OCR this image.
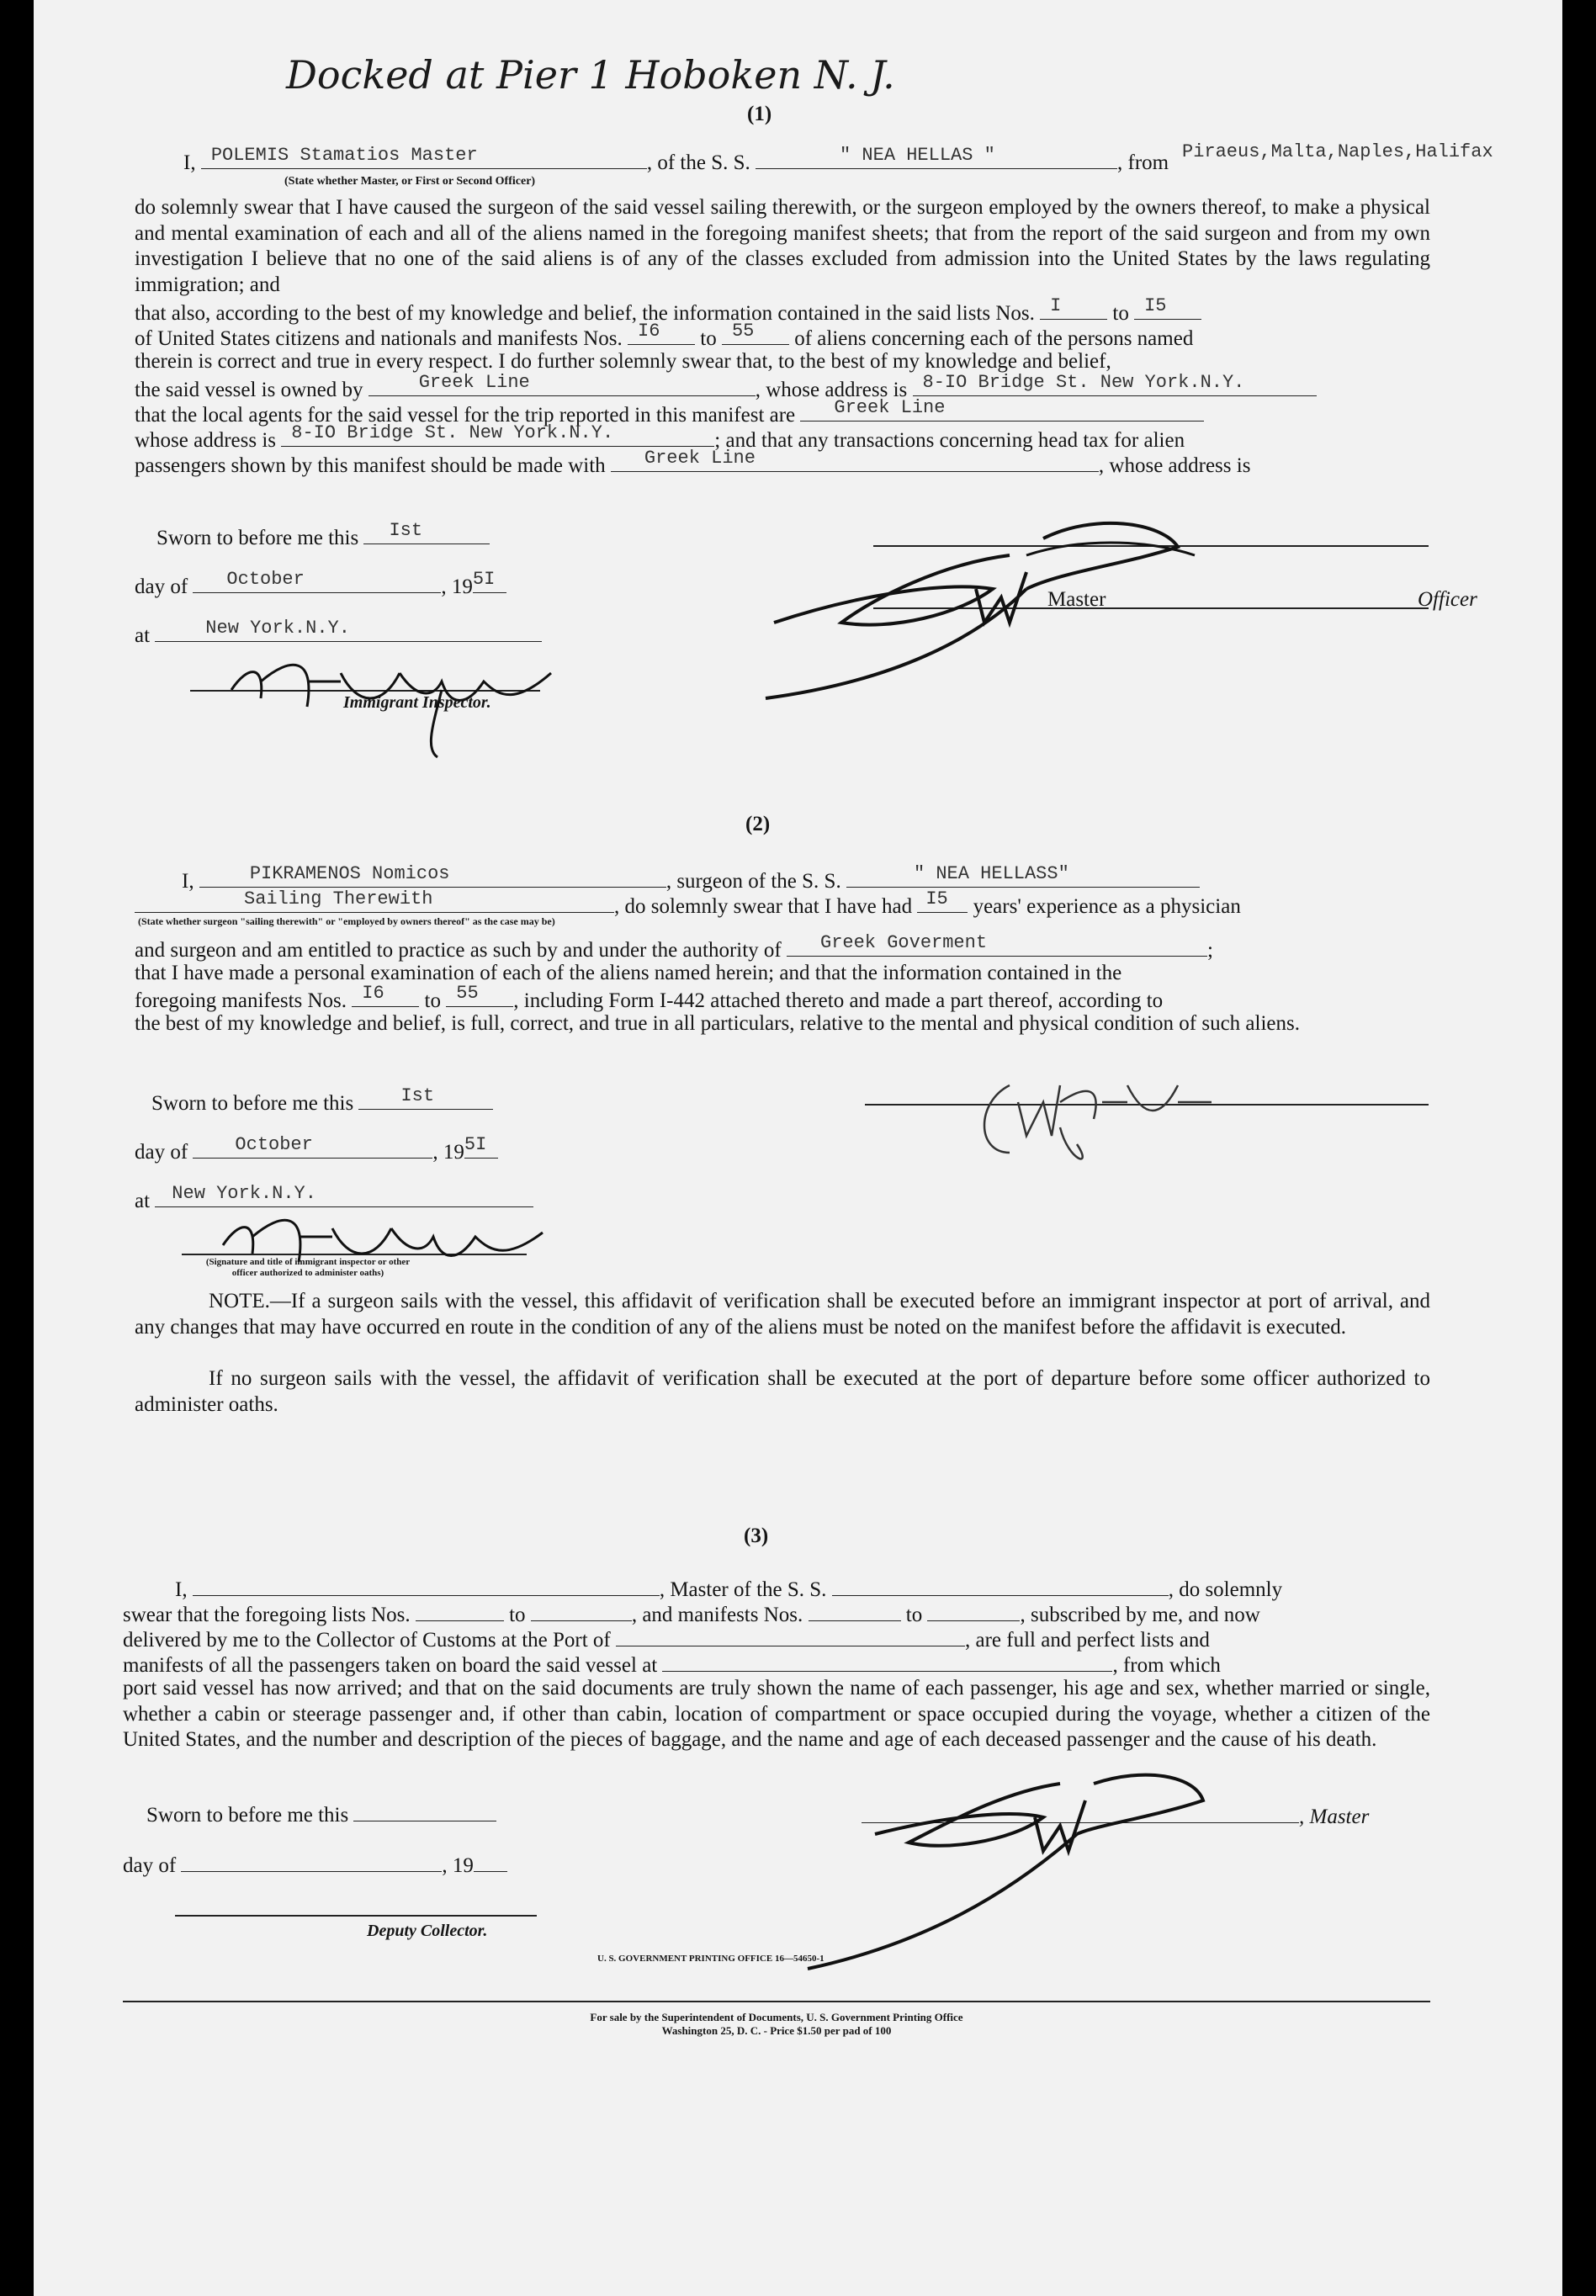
Docked at Pier 1 Hoboken N. J.
(1)
I, POLEMIS Stamatios Master	, of the S. S.	" NEA HELLAS "	, from Piraeus,Malta,Naples,Halifax
(State whether Master, or First or Second Officer)
do solemnly swear that I have caused the surgeon of the said vessel sailing therewith, or the surgeon employed by the owners thereof, to make a physical and mental examination of each and all of the aliens named in the foregoing manifest sheets; that from the report of the said surgeon and from my own investigation I believe that no one of the said aliens is of any of the classes excluded from admission into the United States by the laws regulating immigration; and
that also, according to the best of my knowledge and belief, the information contained in the said lists Nos. I to I5
of United States citizens and nationals and manifests Nos. I6 to 55 of aliens concerning each of the persons named
therein is correct and true in every respect. I do further solemnly swear that, to the best of my knowledge and belief,
the said vessel is owned by	Greek Line	, whose address is 8-IO Bridge St. New York.N.Y.
that the local agents for the said vessel for the trip reported in this manifest are Greek Line
whose address is 8-IO Bridge St. New York.N.Y.	; and that any transactions concerning head tax for alien
passengers shown by this manifest should be made with Greek Line	, whose address is
Sworn to before me this Ist
day of October	, 19 5I
at	New York.N.Y.
Immigrant Inspector.
Master	Officer
(2)
I,	PIKRAMENOS Nomicos	, surgeon of the S. S.	" NEA HELLASS"
Sailing Therewith	, do solemnly swear that I have had I5 years' experience as a physician
(State whether surgeon "sailing therewith" or "employed by owners thereof" as the case may be)
and surgeon and am entitled to practice as such by and under the authority of Greek Goverment	;
that I have made a personal examination of each of the aliens named herein; and that the information contained in the
foregoing manifests Nos. I6 to 55 , including Form I-442 attached thereto and made a part thereof, according to
the best of my knowledge and belief, is full, correct, and true in all particulars, relative to the mental and physical condition of such aliens.
Sworn to before me this	Ist
day of	October	, 19 5I
at New York.N.Y.
(Signature and title of immigrant inspector or other officer authorized to administer oaths)
NOTE.—If a surgeon sails with the vessel, this affidavit of verification shall be executed before an immigrant inspector at port of arrival, and any changes that may have occurred en route in the condition of any of the aliens must be noted on the manifest before the affidavit is executed.
If no surgeon sails with the vessel, the affidavit of verification shall be executed at the port of departure before some officer authorized to administer oaths.
(3)
I,	, Master of the S. S.	, do solemnly
swear that the foregoing lists Nos.	to	, and manifests Nos.	to	, subscribed by me, and now
delivered by me to the Collector of Customs at the Port of	, are full and perfect lists and
manifests of all the passengers taken on board the said vessel at	, from which
port said vessel has now arrived; and that on the said documents are truly shown the name of each passenger, his age and sex, whether married or single, whether a cabin or steerage passenger and, if other than cabin, location of compartment or space occupied during the voyage, whether a citizen of the United States, and the number and description of the pieces of baggage, and the name and age of each deceased passenger and the cause of his death.
Sworn to before me this	, Master
day of	, 19
Deputy Collector.
U. S. GOVERNMENT PRINTING OFFICE 16—54650-1
For sale by the Superintendent of Documents, U. S. Government Printing Office
Washington 25, D. C. - Price $1.50 per pad of 100
